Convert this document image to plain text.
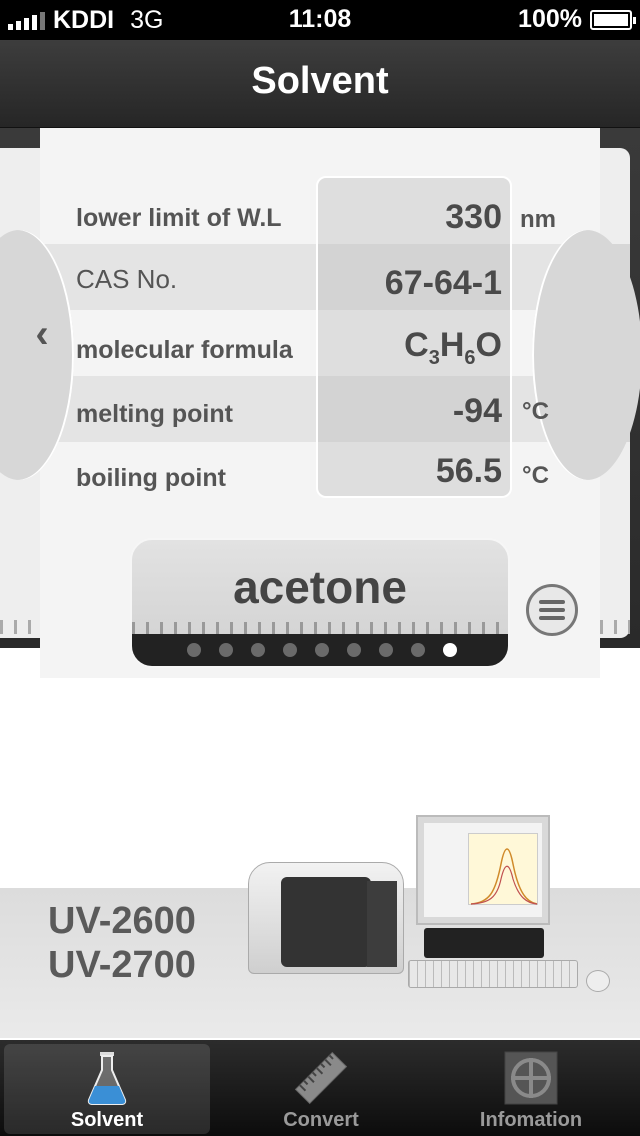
KDDI 3G	11:08	100%
Solvent
‹
lower limit of W.L	330 nm
CAS No.	67-64-1
molecular formula	$C_3H_6O$
melting point	-94 °C
boiling point	56.5 °C
acetone
UV-2600
UV-2700
Solvent	Convert	Infomation
